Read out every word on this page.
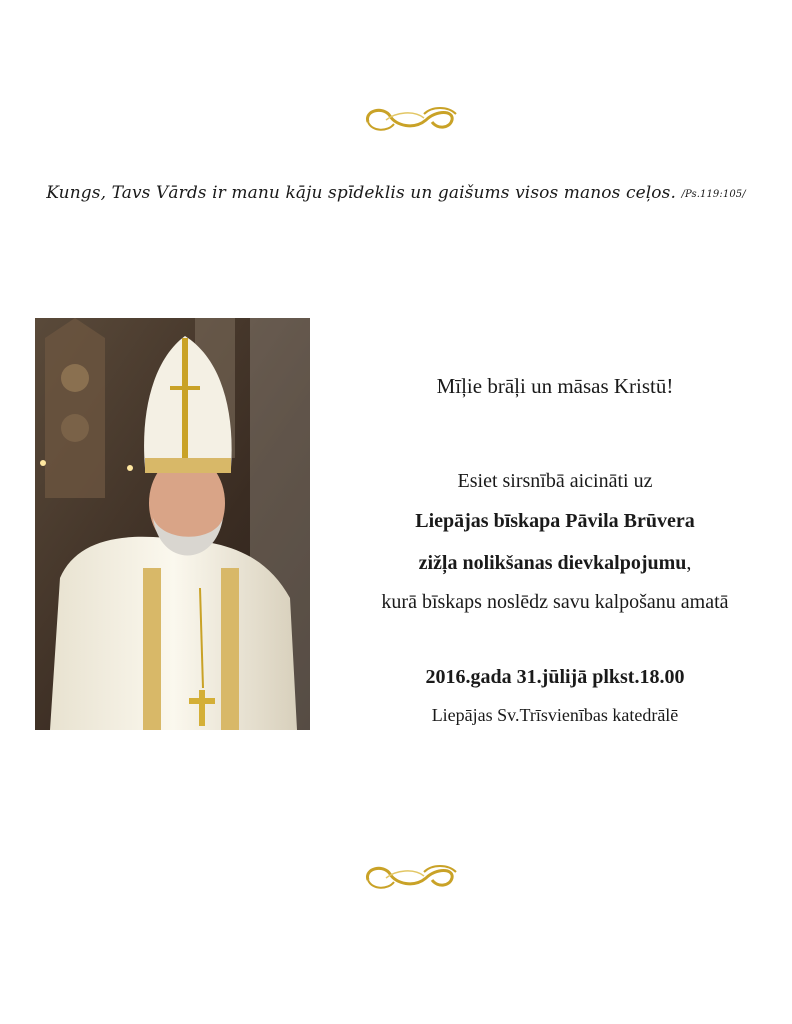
Kungs, Tavs Vārds ir manu kāju spīdeklis un gaišums visos manos ceļos. /Ps.119:105/
Mīļie brāļi un māsas Kristū!
Esiet sirsnībā aicināti uz
Liepājas bīskapa Pāvila Brūvera
zižļa nolikšanas dievkalpojumu,
kurā bīskaps noslēdz savu kalpošanu amatā
2016.gada 31.jūlijā plkst.18.00
Liepājas Sv.Trīsvienības katedrālē
